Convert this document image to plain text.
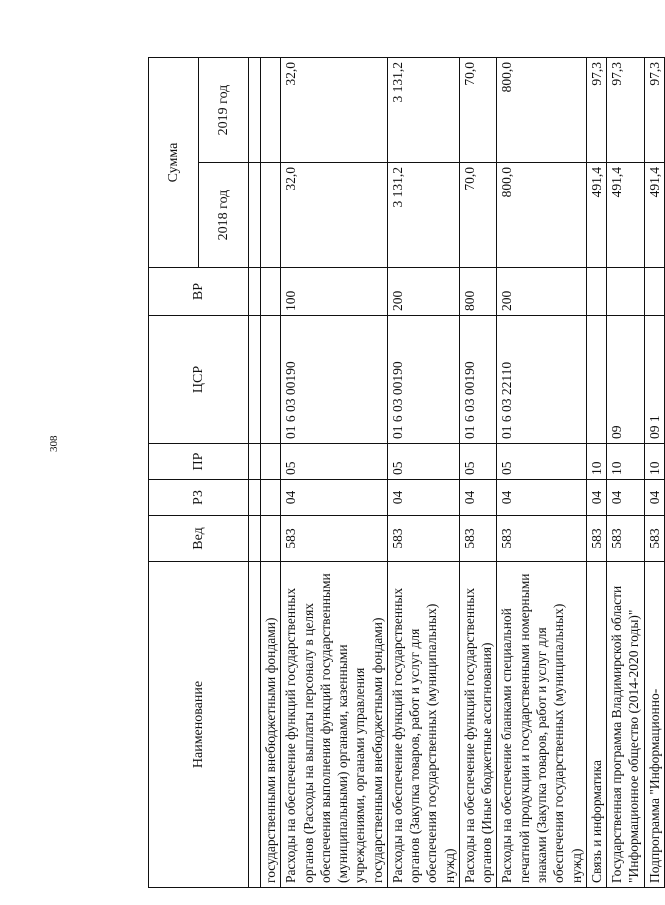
308
Наименование	Вед	РЗ	ПР	ЦСР	ВР	Сумма	
						2018 год	2019 год

государственными внебюджетными фондами)							
Расходы на обеспечение функций государственных органов (Расходы на выплаты персоналу в целях обеспечения выполнения функций государственными (муниципальными) органами, казенными учреждениями, органами управления государственными внебюджетными фондами)	583	04	05	01 6 03 00190	100	32,0	32,0
Расходы на обеспечение функций государственных органов (Закупка товаров, работ и услуг для обеспечения государственных (муниципальных) нужд)	583	04	05	01 6 03 00190	200	3 131,2	3 131,2
Расходы на обеспечение функций государственных органов (Иные бюджетные ассигнования)	583	04	05	01 6 03 00190	800	70,0	70,0
Расходы на обеспечение бланками специальной печатной продукции и государственными номерными знаками (Закупка товаров, работ и услуг для обеспечения государственных (муниципальных) нужд)	583	04	05	01 6 03 22110	200	800,0	800,0
Связь и информатика	583	04	10			491,4	97,3
Государственная программа Владимирской области "Информационное общество (2014-2020 годы)"	583	04	10	09		491,4	97,3
Подпрограмма "Информационно-	583	04	10	09 1		491,4	97,3
